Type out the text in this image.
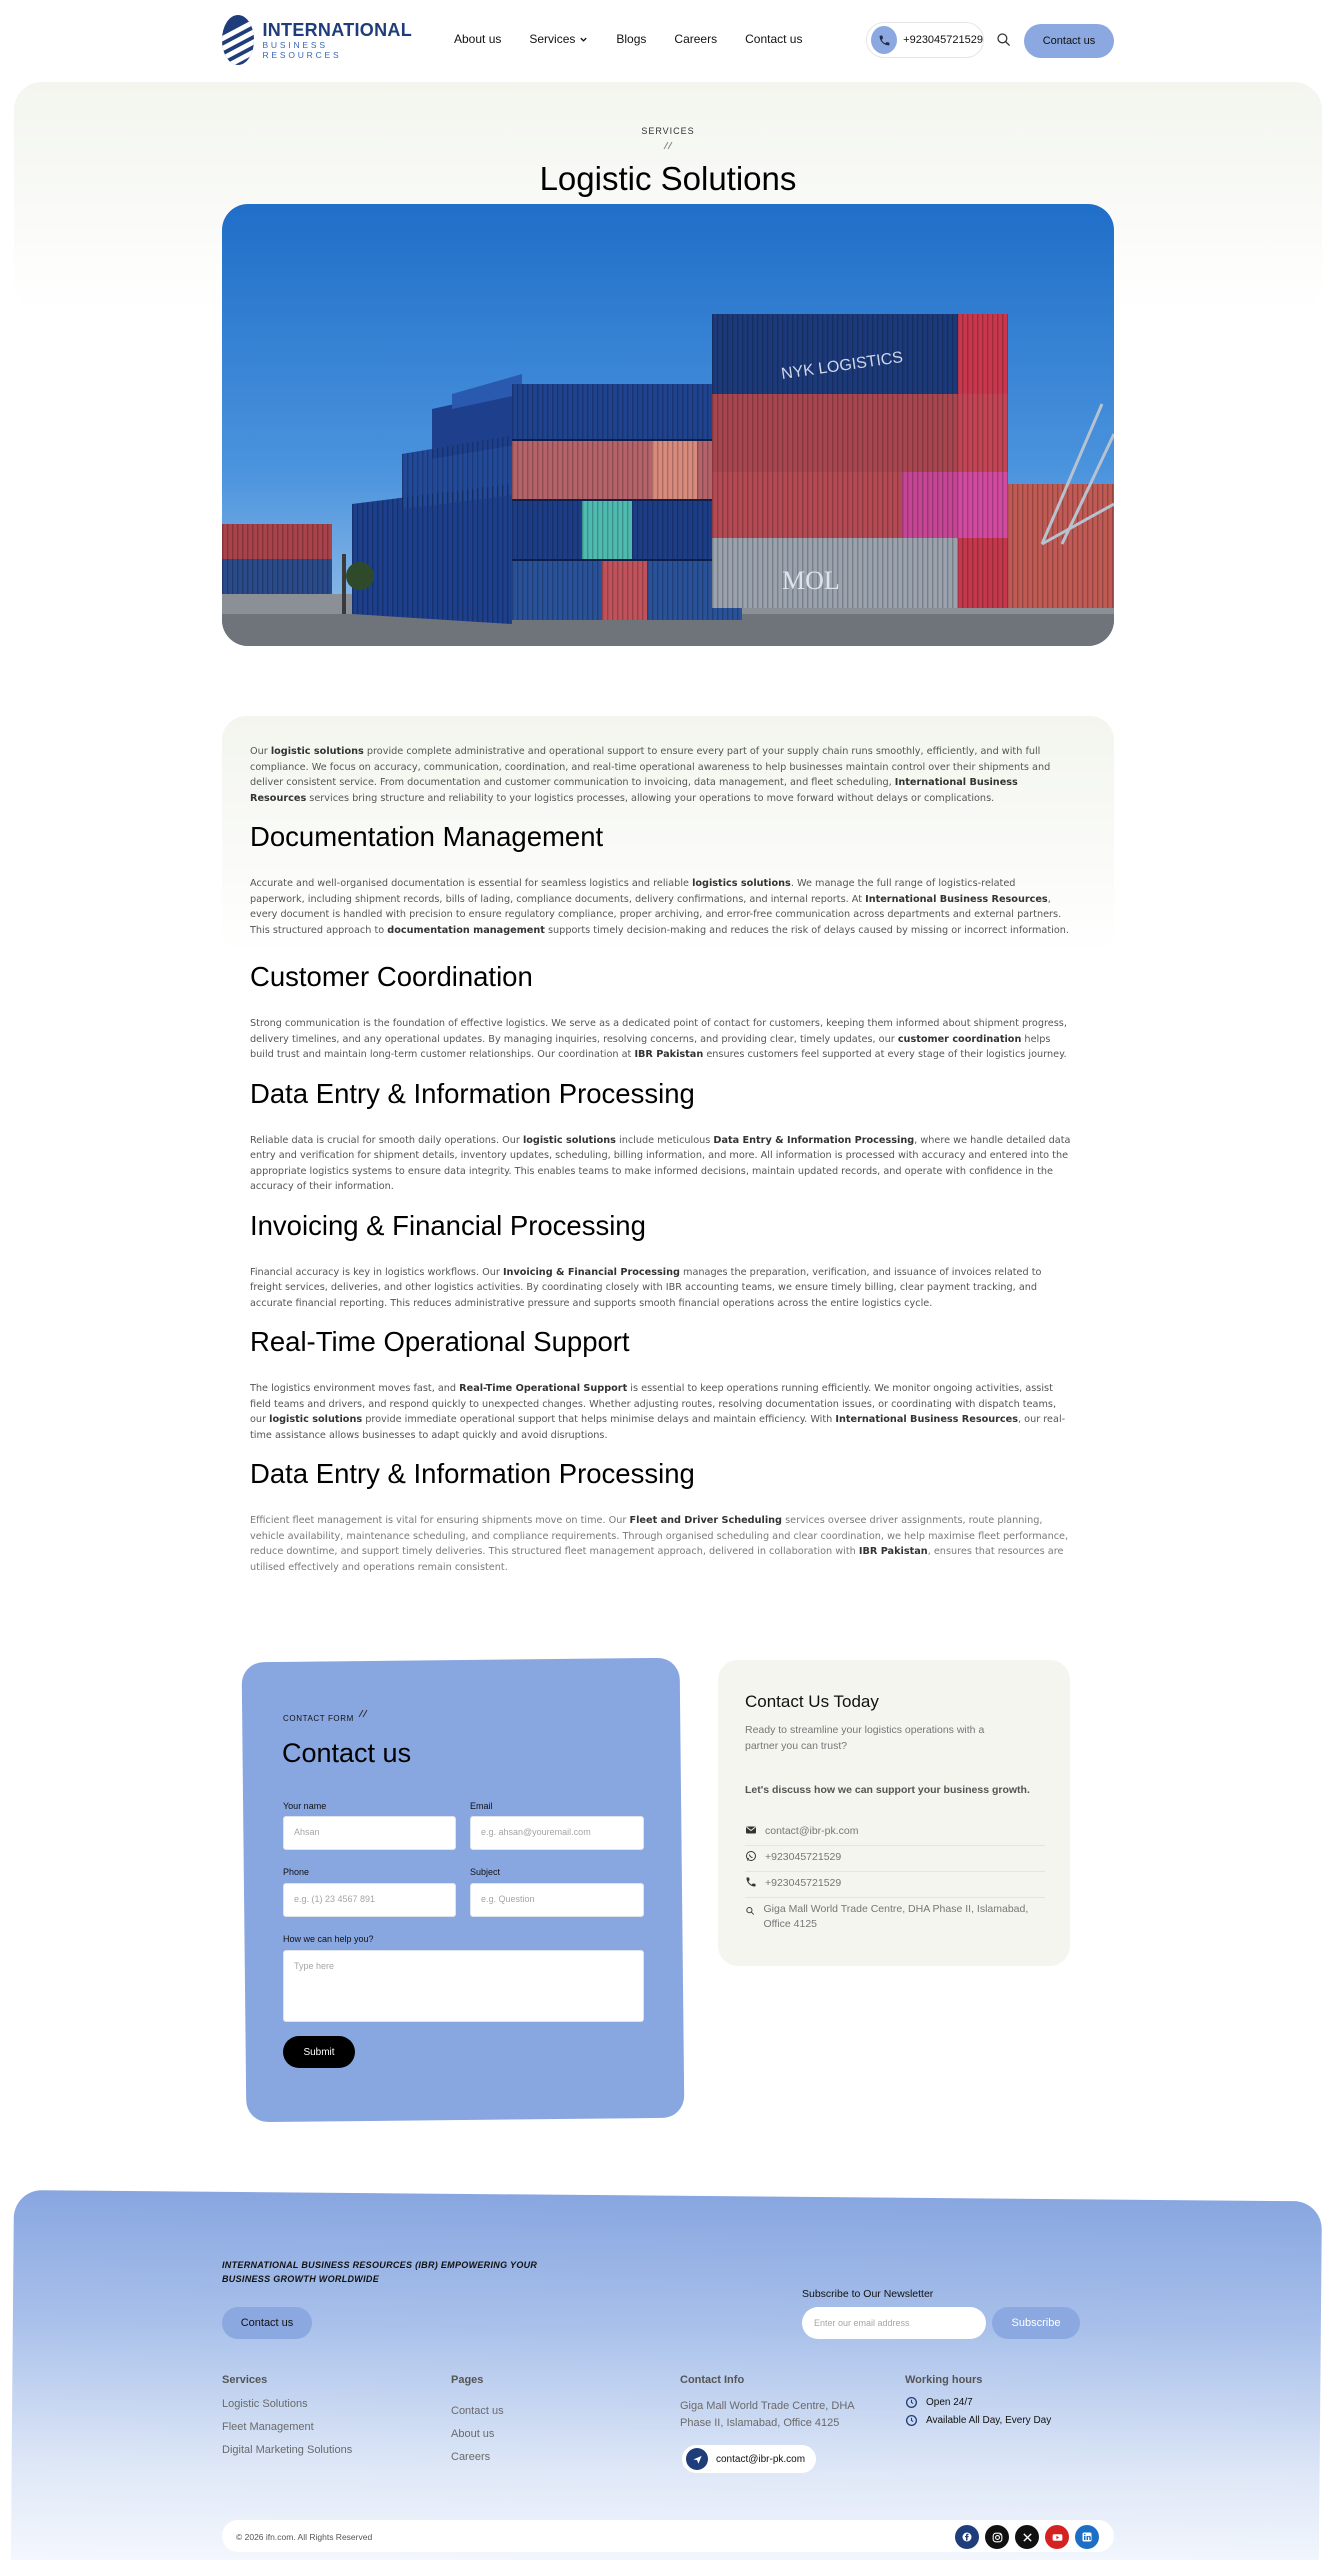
INTERNATIONAL
BUSINESS RESOURCES
About us Services	Blogs Careers Contact us	+923045721529	Contact us
SERVICES
Logistic Solutions
NYK LOGISTICS
MOL

Our logistic solutions provide complete administrative and operational support to ensure every part of your supply chain runs smoothly, efficiently, and with full compliance. We focus on accuracy, communication, coordination, and real-time operational awareness to help businesses maintain control over their shipments and deliver consistent service. From documentation and customer communication to invoicing, data management, and fleet scheduling, International Business Resources services bring structure and reliability to your logistics processes, allowing your operations to move forward without delays or complications.

Documentation Management

Accurate and well-organised documentation is essential for seamless logistics and reliable logistics solutions. We manage the full range of logistics-related paperwork, including shipment records, bills of lading, compliance documents, delivery confirmations, and internal reports. At International Business Resources, every document is handled with precision to ensure regulatory compliance, proper archiving, and error-free communication across departments and external partners. This structured approach to documentation management supports timely decision-making and reduces the risk of delays caused by missing or incorrect information.

Customer Coordination

Strong communication is the foundation of effective logistics. We serve as a dedicated point of contact for customers, keeping them informed about shipment progress, delivery timelines, and any operational updates. By managing inquiries, resolving concerns, and providing clear, timely updates, our customer coordination helps build trust and maintain long-term customer relationships. Our coordination at IBR Pakistan ensures customers feel supported at every stage of their logistics journey.

Data Entry & Information Processing

Reliable data is crucial for smooth daily operations. Our logistic solutions include meticulous Data Entry & Information Processing, where we handle detailed data entry and verification for shipment details, inventory updates, scheduling, billing information, and more. All information is processed with accuracy and entered into the appropriate logistics systems to ensure data integrity. This enables teams to make informed decisions, maintain updated records, and operate with confidence in the accuracy of their information.

Invoicing & Financial Processing

Financial accuracy is key in logistics workflows. Our Invoicing & Financial Processing manages the preparation, verification, and issuance of invoices related to freight services, deliveries, and other logistics activities. By coordinating closely with IBR accounting teams, we ensure timely billing, clear payment tracking, and accurate financial reporting. This reduces administrative pressure and supports smooth financial operations across the entire logistics cycle.

Real-Time Operational Support

The logistics environment moves fast, and Real-Time Operational Support is essential to keep operations running efficiently. We monitor ongoing activities, assist field teams and drivers, and respond quickly to unexpected changes. Whether adjusting routes, resolving documentation issues, or coordinating with dispatch teams, our logistic solutions provide immediate operational support that helps minimise delays and maintain efficiency. With International Business Resources, our real-time assistance allows businesses to adapt quickly and avoid disruptions.

Data Entry & Information Processing

Efficient fleet management is vital for ensuring shipments move on time. Our Fleet and Driver Scheduling services oversee driver assignments, route planning, vehicle availability, maintenance scheduling, and compliance requirements. Through organised scheduling and clear coordination, we help maximise fleet performance, reduce downtime, and support timely deliveries. This structured fleet management approach, delivered in collaboration with IBR Pakistan, ensures that resources are utilised effectively and operations remain consistent.

CONTACT FORM
Contact us
Your name
Ahsan
Email
e.g. ahsan@youremail.com
Phone
e.g. (1) 23 4567 891
Subject
e.g. Question
How we can help you?
Type here
Submit
Contact Us Today
Ready to streamline your logistics operations with a partner you can trust?
Let's discuss how we can support your business growth.
contact@ibr-pk.com
+923045721529
+923045721529
Giga Mall World Trade Centre, DHA Phase II, Islamabad, Office 4125
INTERNATIONAL BUSINESS RESOURCES (IBR) EMPOWERING YOUR BUSINESS GROWTH WORLDWIDE
Contact us
Subscribe to Our Newsletter
Enter our email address	Subscribe
Services
Logistic Solutions
Fleet Management
Digital Marketing Solutions
Pages
Contact us
About us
Careers
Contact Info
Giga Mall World Trade Centre, DHA Phase II, Islamabad, Office 4125
contact@ibr-pk.com
Working hours
Open 24/7
Available All Day, Every Day
© 2026 ifn.com. All Rights Reserved
